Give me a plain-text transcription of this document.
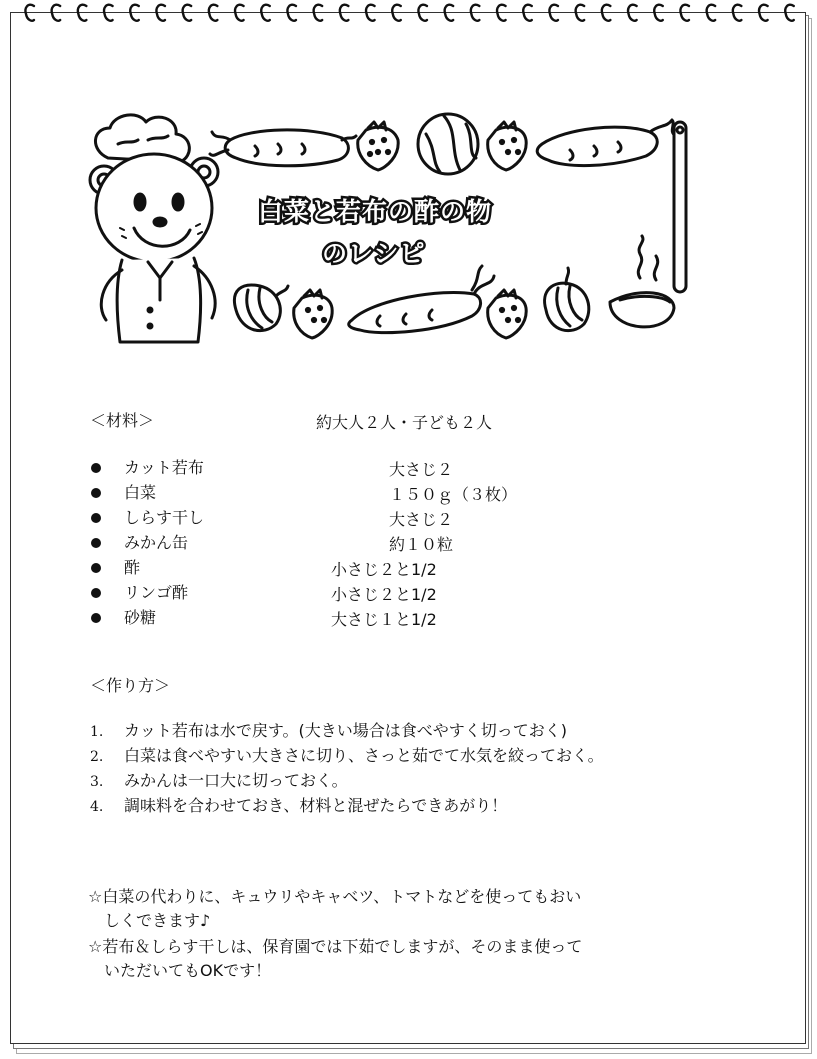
白菜と若布の酢の物
のレシピ
＜材料＞	約大人２人・子ども２人
カット若布	大さじ２
白菜	１５０ｇ（３枚）
しらす干し	大さじ２
みかん缶	約１０粒
酢	小さじ２と1/2
リンゴ酢	小さじ２と1/2
砂糖	大さじ１と1/2
＜作り方＞
1. カット若布は水で戻す。(大きい場合は食べやすく切っておく)
2. 白菜は食べやすい大きさに切り、さっと茹でて水気を絞っておく。
3. みかんは一口大に切っておく。
4. 調味料を合わせておき、材料と混ぜたらできあがり！
☆白菜の代わりに、キュウリやキャベツ、トマトなどを使ってもおい
しくできます♪
☆若布＆しらす干しは、保育園では下茹でしますが、そのまま使って
いただいてもOKです！
